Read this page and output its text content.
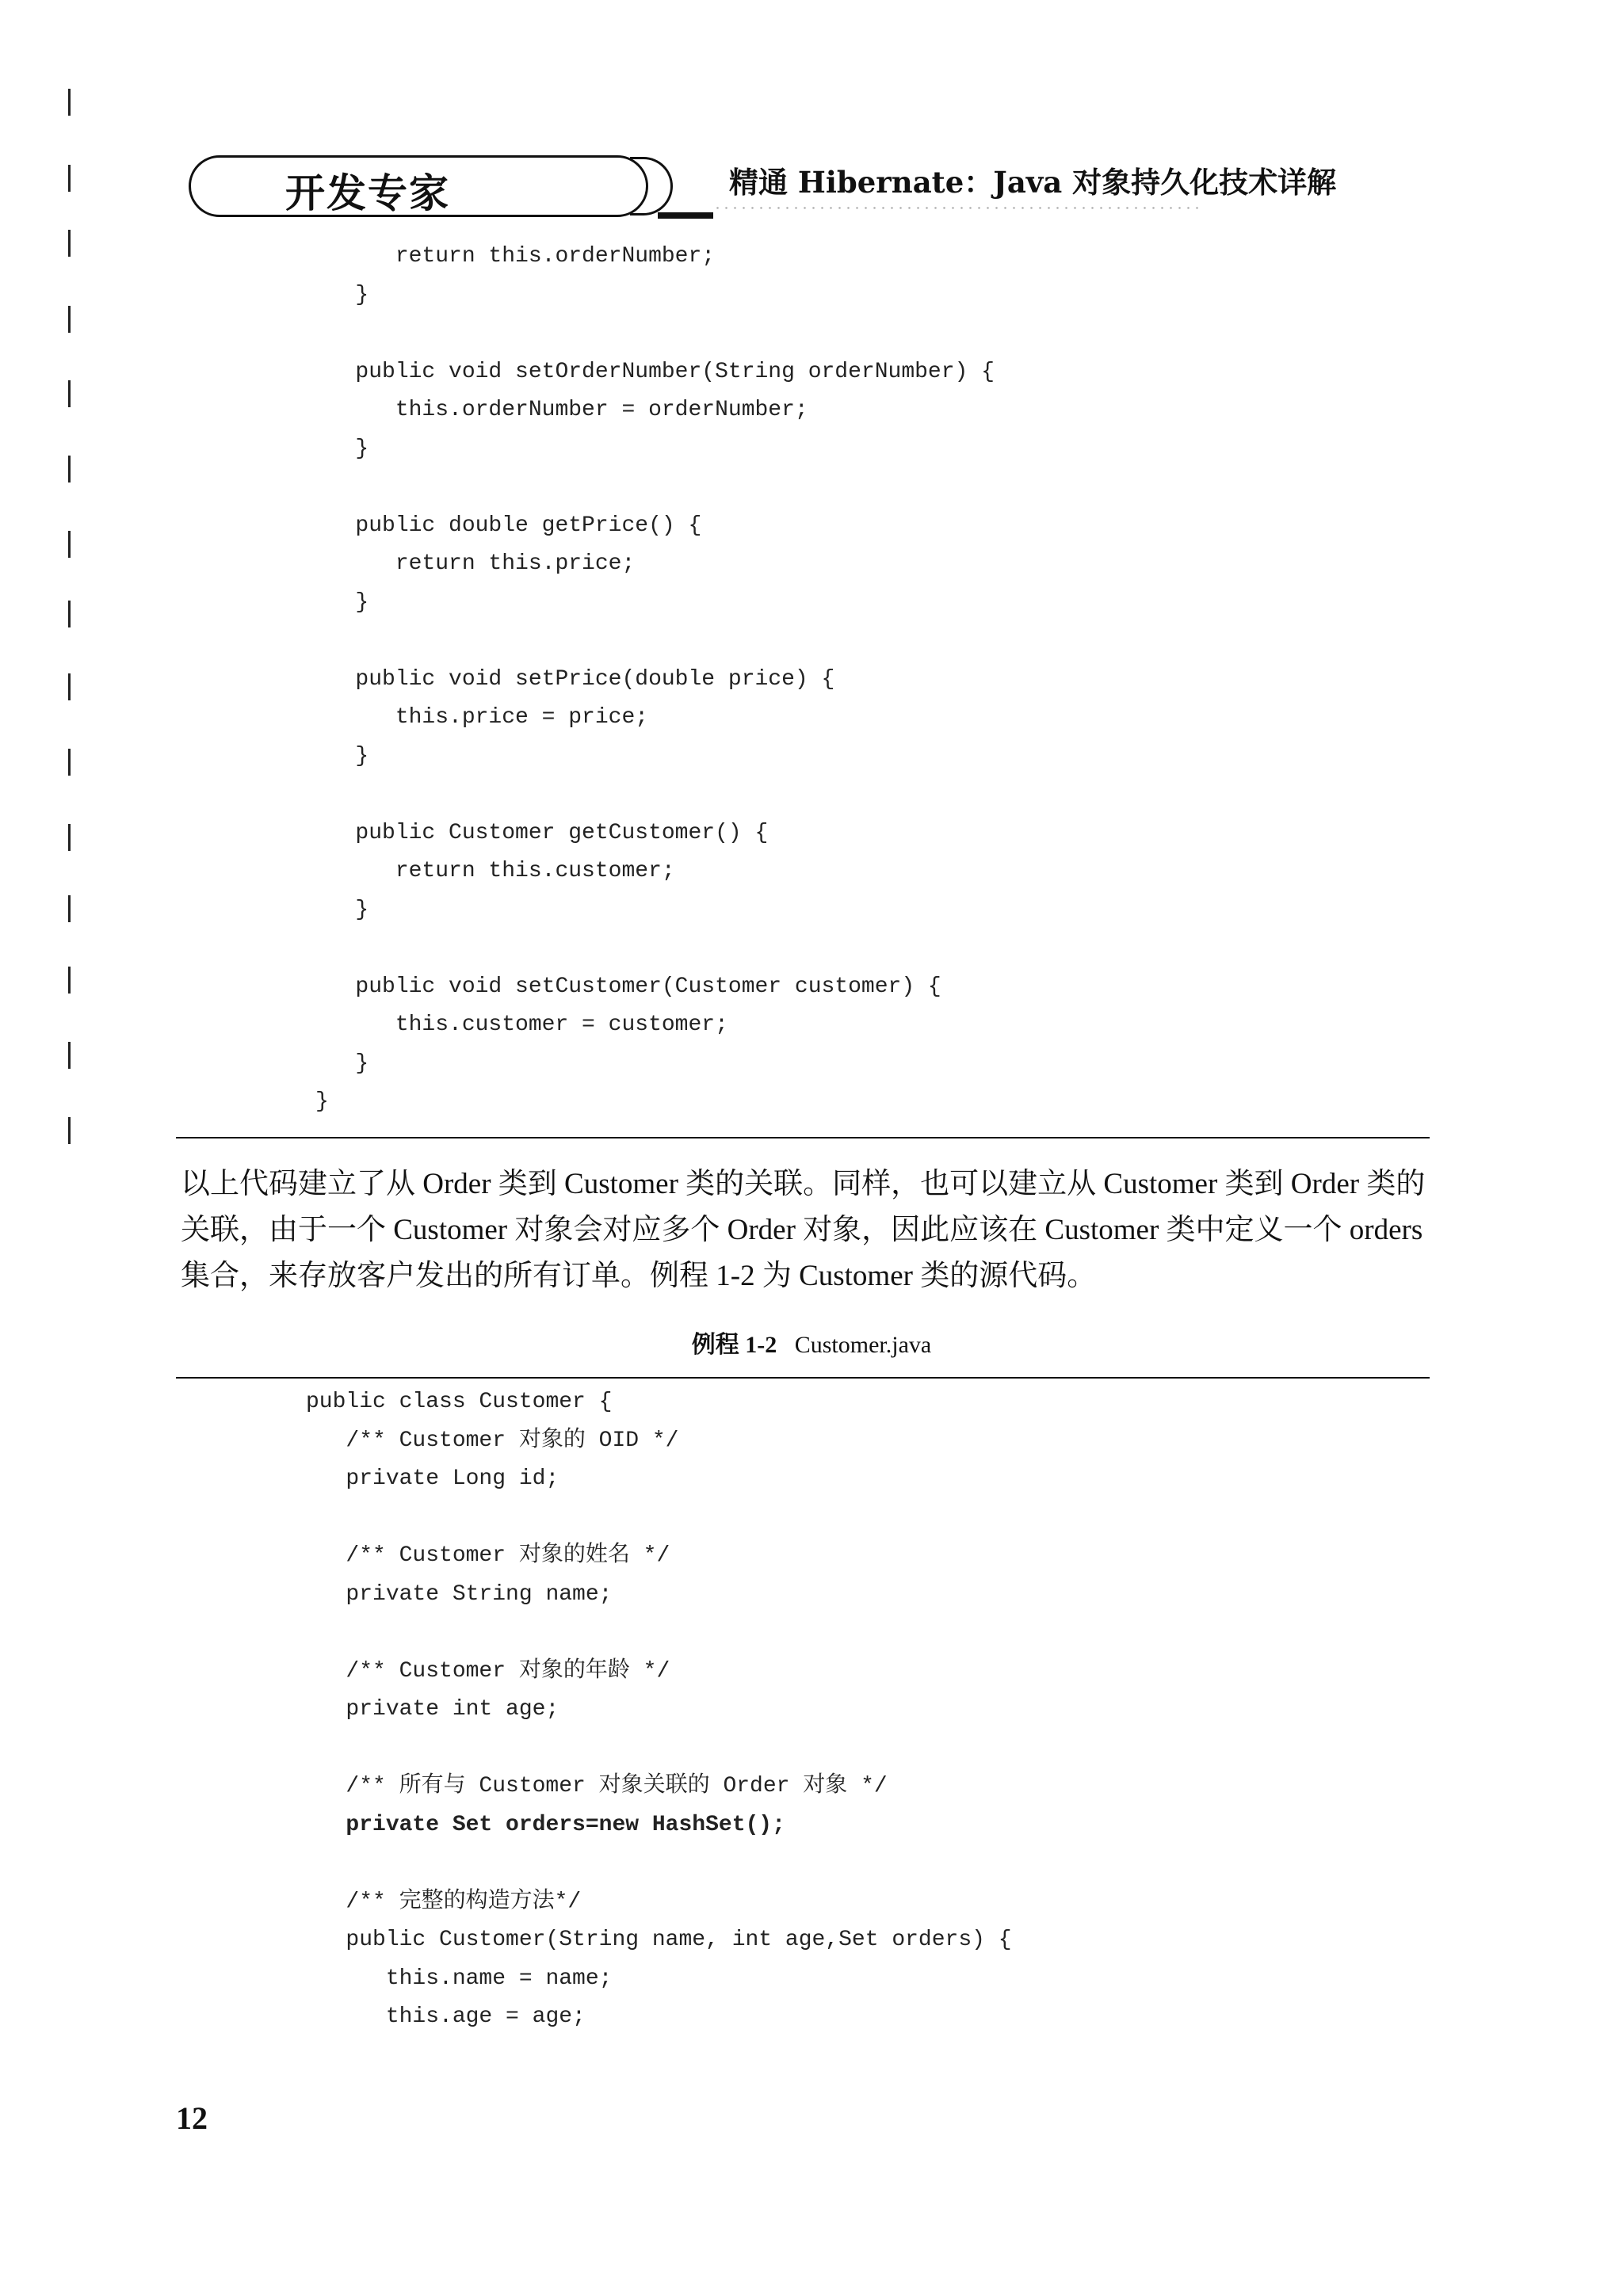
开发专家	精通 Hibernate：Java 对象持久化技术详解
return this.orderNumber;
}
public void setOrderNumber(String orderNumber) {
this.orderNumber = orderNumber;
}
public double getPrice() {
return this.price;
}
public void setPrice(double price) {
this.price = price;
}
public Customer getCustomer() {
return this.customer;
}
public void setCustomer(Customer customer) {
this.customer = customer;
}
}
以上代码建立了从 Order 类到 Customer 类的关联。同样，也可以建立从 Customer 类到 Order 类的关联，由于一个 Customer 对象会对应多个 Order 对象，因此应该在 Customer 类中定义一个 orders 集合，来存放客户发出的所有订单。例程 1-2 为 Customer 类的源代码。
例程 1-2 Customer.java
public class Customer {
/** Customer 对象的 OID */
private Long id;
/** Customer 对象的姓名 */
private String name;
/** Customer 对象的年龄 */
private int age;
/** 所有与 Customer 对象关联的 Order 对象 */
private Set orders=new HashSet();
/** 完整的构造方法*/
public Customer(String name, int age,Set orders) {
this.name = name;
this.age = age;
12
